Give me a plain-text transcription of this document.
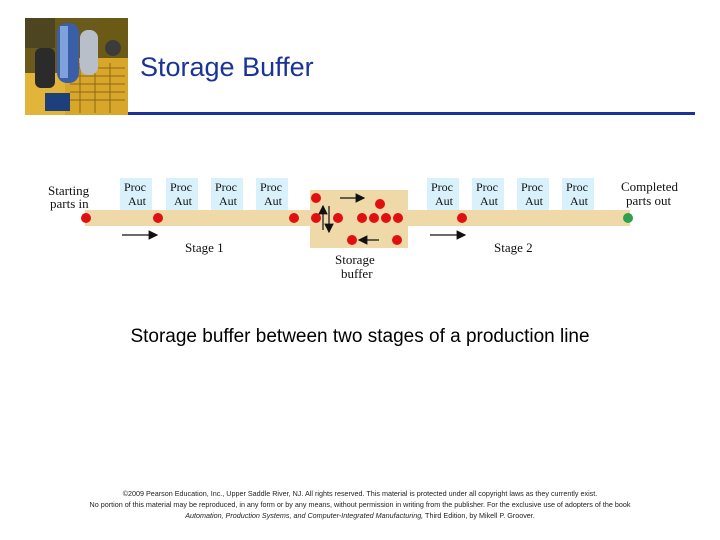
Storage Buffer
Proc
Aut
Proc
Aut
Proc
Aut
Proc
Aut
Proc
Aut
Proc
Aut
Proc
Aut
Proc
Aut
Starting
parts in
Completed
parts out
Stage 1	Stage 2
Storage
buffer
Storage buffer between two stages of a production line
©2009 Pearson Education, Inc., Upper Saddle River, NJ. All rights reserved. This material is protected under all copyright laws as they currently exist.
No portion of this material may be reproduced, in any form or by any means, without permission in writing from the publisher. For the exclusive use of adopters of the book
Automation, Production Systems, and Computer-Integrated Manufacturing, Third Edition, by Mikell P. Groover.
